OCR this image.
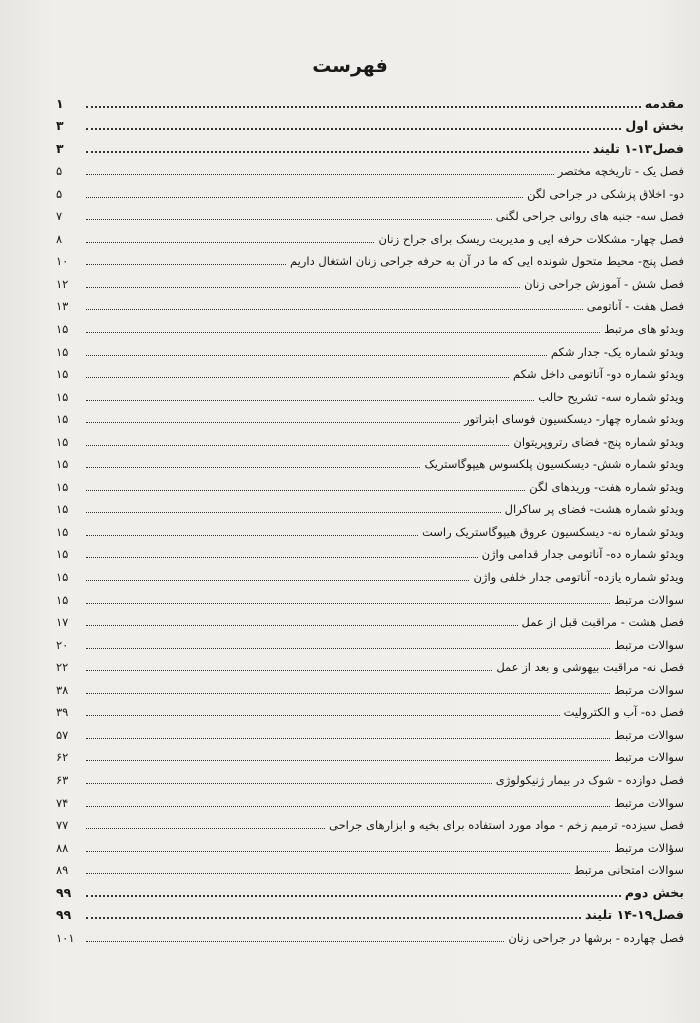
فهرست
مقدمه
۱
بخش اول
۳
فصل۱۳-۱ تلیند
۳
فصل یک - تاریخچه مختصر
۵
دو- اخلاق پزشکی در جراحی لگن
۵
فصل سه- جنبه های روانی جراحی لگنی
۷
فصل چهار- مشکلات حرفه ایی و مدیریت ریسک برای جراح زنان
۸
فصل پنج- محیط متحول شونده ایی که ما در آن به حرفه جراحی زنان اشتغال داریم
۱۰
فصل شش - آموزش جراحی زنان
۱۲
فصل هفت - آناتومی
۱۳
ویدئو های مرتبط
۱۵
ویدئو شماره یک- جدار شکم
۱۵
ویدئو شماره دو- آناتومی داخل شکم
۱۵
ویدئو شماره سه- تشریح حالب
۱۵
ویدئو شماره چهار- دیسکسیون فوسای ابتراتور
۱۵
ویدئو شماره پنج- فضای رتروپریتوان
۱۵
ویدئو شماره شش- دیسکسیون پلکسوس هیپوگاستریک
۱۵
ویدئو شماره هفت- وریدهای لگن
۱۵
ویدئو شماره هشت- فضای پر ساکرال
۱۵
ویدئو شماره نه- دیسکسیون عروق هیپوگاستریک راست
۱۵
ویدئو شماره ده- آناتومی جدار قدامی واژن
۱۵
ویدئو شماره یازده- آناتومی جدار خلفی واژن
۱۵
سوالات مرتبط
۱۵
فصل هشت - مراقبت قبل از عمل
۱۷
سوالات مرتبط
۲۰
فصل نه- مراقبت بیهوشی و بعد از عمل
۲۲
سوالات مرتبط
۳۸
فصل ده- آب و الکترولیت
۳۹
سوالات مرتبط
۵۷
سوالات مرتبط
۶۲
فصل دوازده - شوک در بیمار ژنیکولوژی
۶۳
سوالات مرتبط
۷۴
فصل سیزده- ترمیم زخم - مواد مورد استفاده برای بخیه و ابزارهای جراحی
۷۷
سؤالات مرتبط
۸۸
سوالات امتحانی مرتبط
۸۹
بخش دوم
۹۹
فصل۱۹-۱۴ تلیند
۹۹
فصل چهارده - برشها در جراحی زنان
۱۰۱
